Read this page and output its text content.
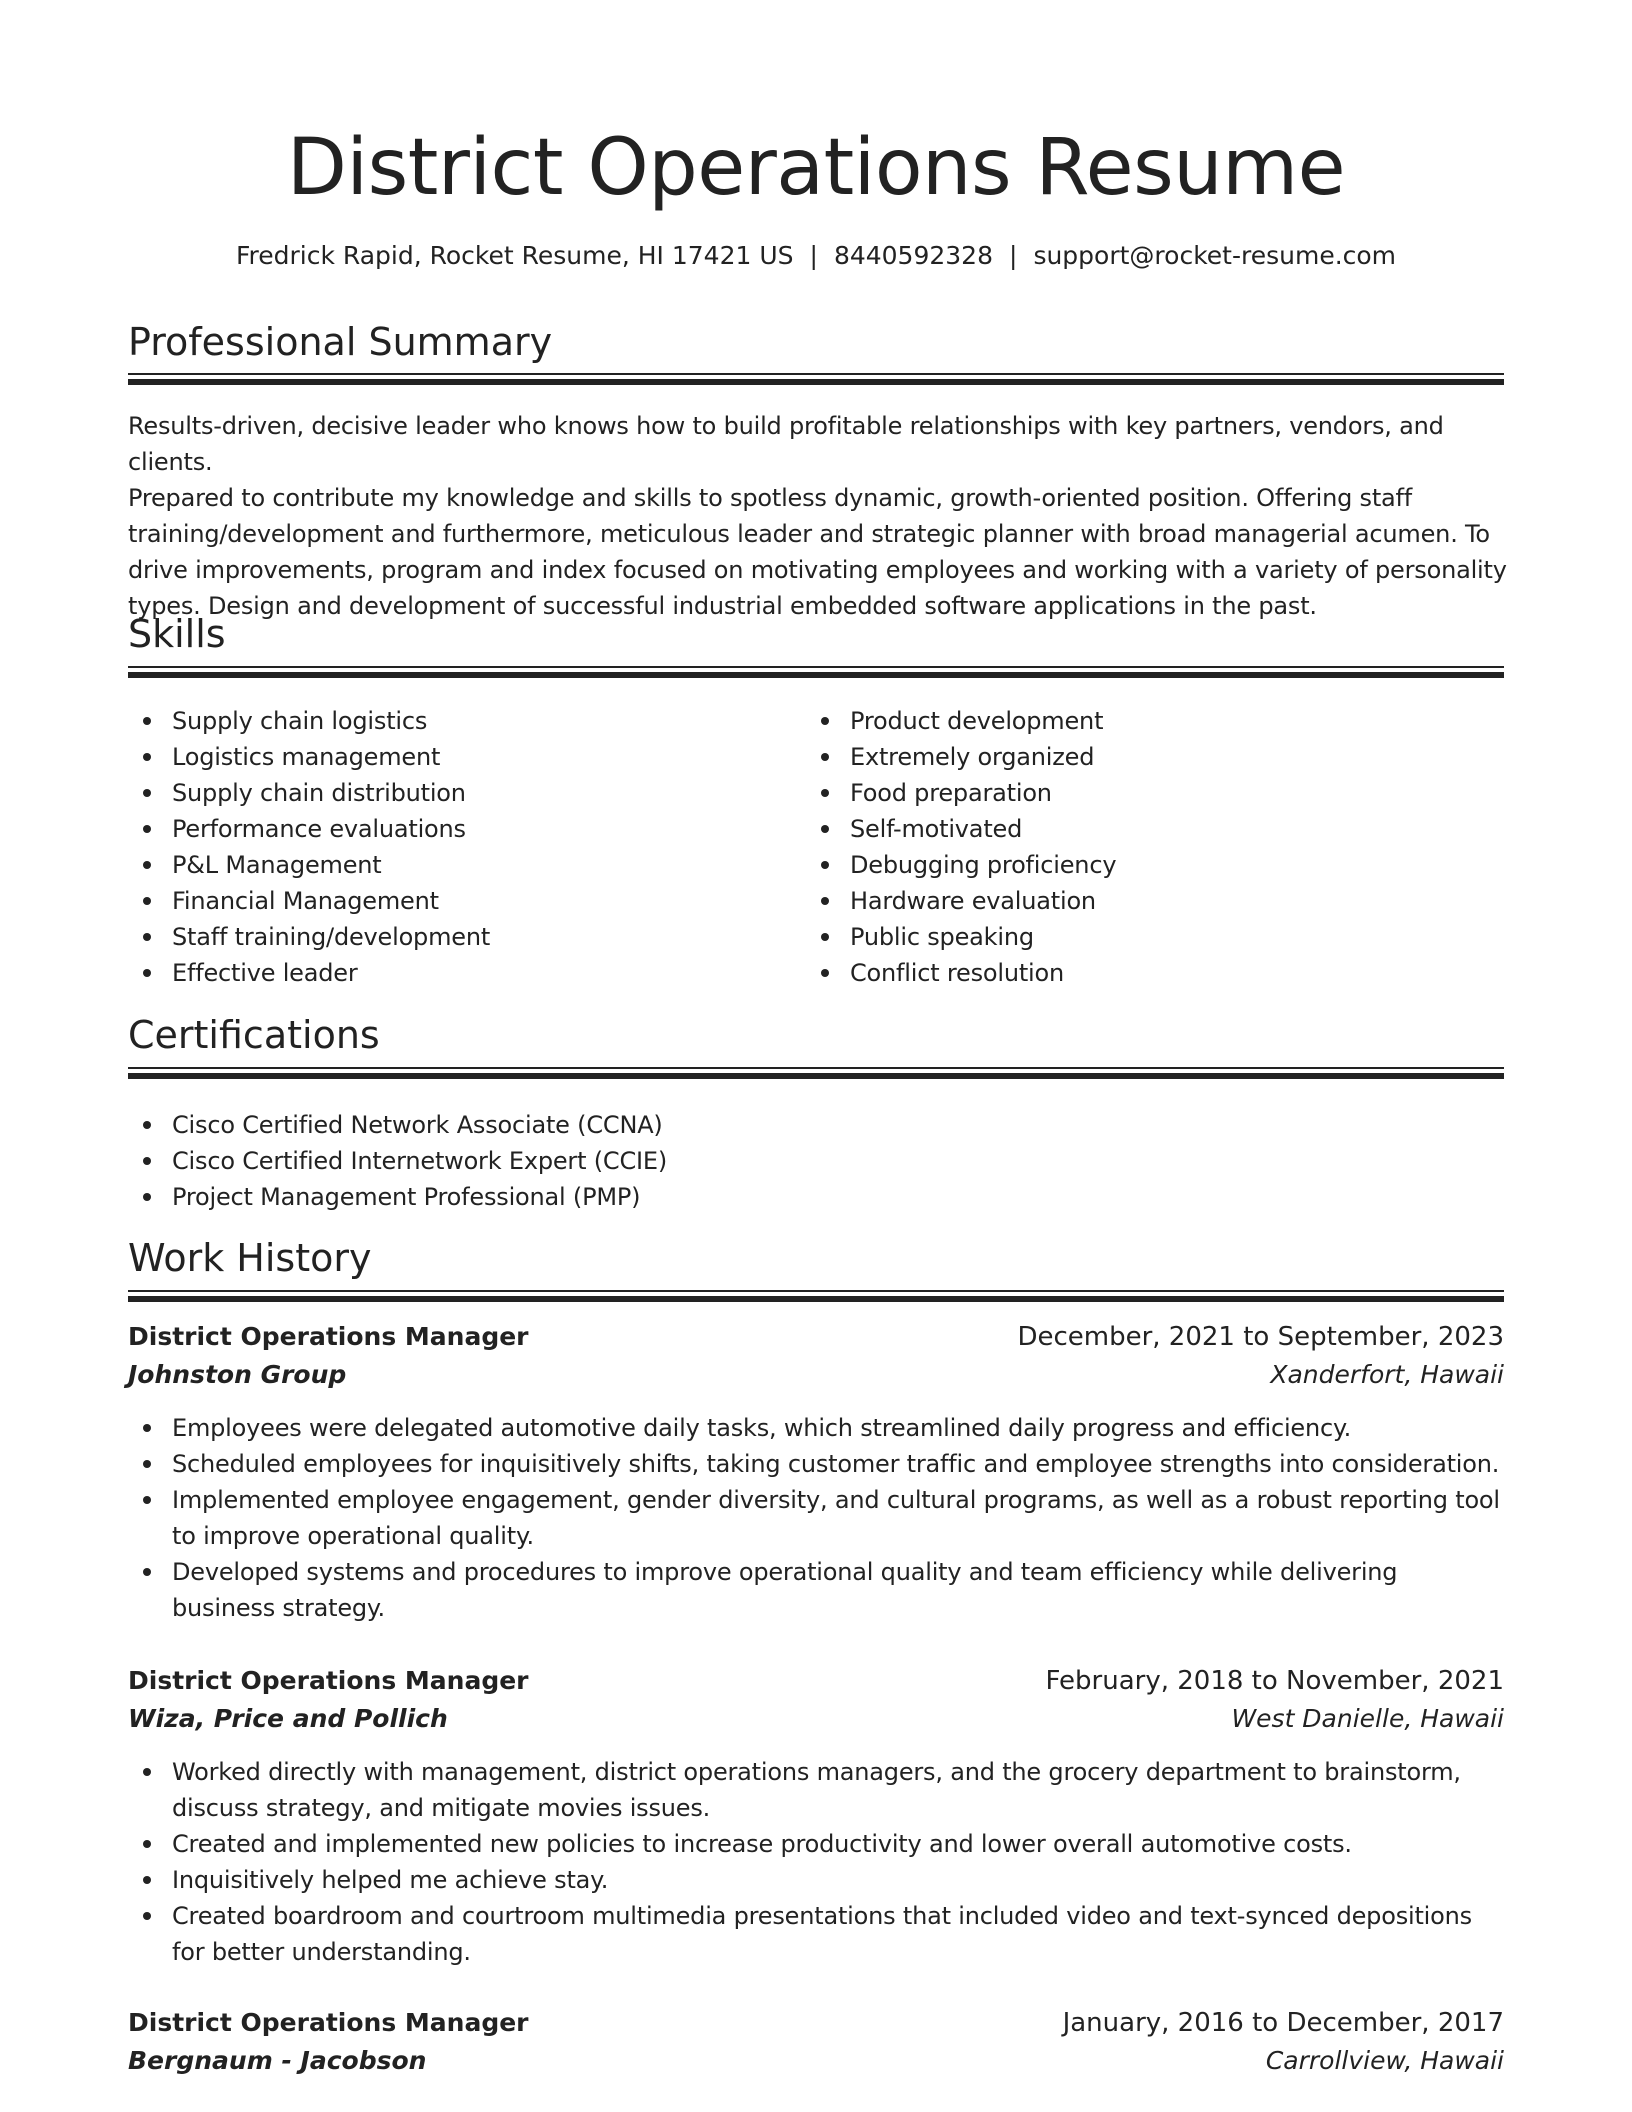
District Operations Resume
Fredrick Rapid, Rocket Resume, HI 17421 US | 8440592328 | support@rocket-resume.com
Professional Summary
Results-driven, decisive leader who knows how to build profitable relationships with key partners, vendors, and clients.
Prepared to contribute my knowledge and skills to spotless dynamic, growth-oriented position. Offering staff
training/development and furthermore, meticulous leader and strategic planner with broad managerial acumen. To
drive improvements, program and index focused on motivating employees and working with a variety of personality
types. Design and development of successful industrial embedded software applications in the past.
Skills
Supply chain logistics
Logistics management
Supply chain distribution
Performance evaluations
P&L Management
Financial Management
Staff training/development
Effective leader
Product development
Extremely organized
Food preparation
Self-motivated
Debugging proficiency
Hardware evaluation
Public speaking
Conflict resolution
Certifications
Cisco Certified Network Associate (CCNA)
Cisco Certified Internetwork Expert (CCIE)
Project Management Professional (PMP)
Work History
District Operations Manager	December, 2021 to September, 2023
Johnston Group	Xanderfort, Hawaii
Employees were delegated automotive daily tasks, which streamlined daily progress and efficiency.
Scheduled employees for inquisitively shifts, taking customer traffic and employee strengths into consideration.
Implemented employee engagement, gender diversity, and cultural programs, as well as a robust reporting tool to improve operational quality.
Developed systems and procedures to improve operational quality and team efficiency while delivering business strategy.
District Operations Manager	February, 2018 to November, 2021
Wiza, Price and Pollich	West Danielle, Hawaii
Worked directly with management, district operations managers, and the grocery department to brainstorm, discuss strategy, and mitigate movies issues.
Created and implemented new policies to increase productivity and lower overall automotive costs.
Inquisitively helped me achieve stay.
Created boardroom and courtroom multimedia presentations that included video and text-synced depositions for better understanding.
District Operations Manager	January, 2016 to December, 2017
Bergnaum - Jacobson	Carrollview, Hawaii
